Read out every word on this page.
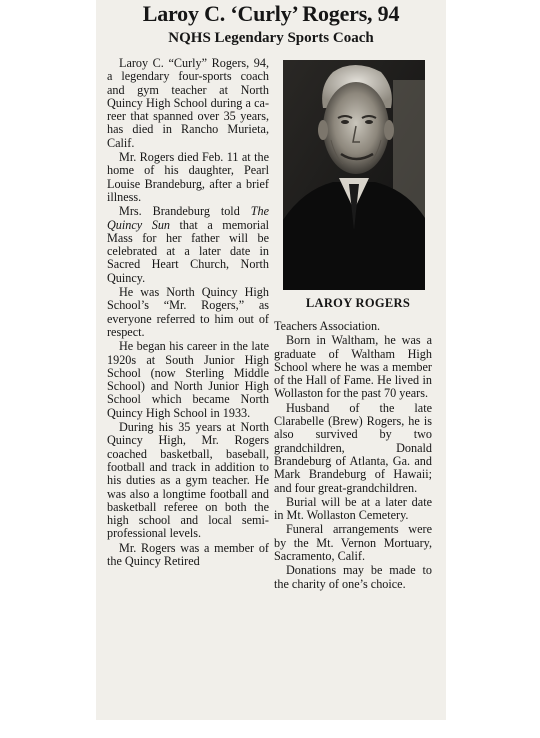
Laroy C. ‘Curly’ Rogers, 94
NQHS Legendary Sports Coach

Laroy C. “Curly” Rogers, 94, a legendary four-sports coach and gym teacher at North Quincy High School during a career that spanned over 35 years, has died in Rancho Murieta, Calif.

Mr. Rogers died Feb. 11 at the home of his daughter, Pearl Louise Brandeburg, after a brief illness.

Mrs. Brandeburg told The Quincy Sun that a memorial Mass for her father will be celebrated at a later date in Sacred Heart Church, North Quincy.

He was North Quincy High School’s “Mr. Rogers,” as everyone referred to him out of respect.

He began his career in the late 1920s at South Junior High School (now Sterling Middle School) and North Junior High School which became North Quincy High School in 1933.

During his 35 years at North Quincy High, Mr. Rogers coached basketball, baseball, football and track in addition to his duties as a gym teacher. He was also a longtime football and basketball referee on both the high school and local semi-professional levels.

Mr. Rogers was a member of the Quincy Retired

LAROY ROGERS

Teachers Association.

Born in Waltham, he was a graduate of Waltham High School where he was a member of the Hall of Fame. He lived in Wollaston for the past 70 years.

Husband of the late Clarabelle (Brew) Rogers, he is also survived by two grandchildren, Donald Brandeburg of Atlanta, Ga. and Mark Brandeburg of Hawaii; and four great-grandchildren.

Burial will be at a later date in Mt. Wollaston Cemetery.

Funeral arrangements were by the Mt. Vernon Mortuary, Sacramento, Calif.

Donations may be made to the charity of one’s choice.
